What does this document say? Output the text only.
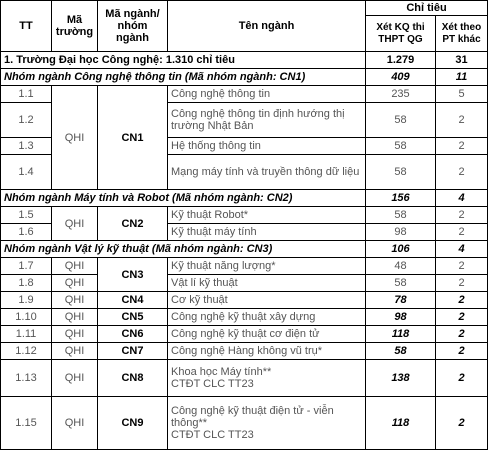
TT	Mã trường	Mã ngành/ nhóm ngành	Tên ngành	Chỉ tiêu	
				Xét KQ thi THPT QG	Xét theo PT khác
1. Trường Đại học Công nghệ: 1.310 chỉ tiêu				1.279	31
Nhóm ngành Công nghệ thông tin (Mã nhóm ngành: CN1)				409	11
1.1	QHI	CN1	Công nghệ thông tin	235	5
1.2			Công nghệ thông tin định hướng thị trường Nhật Bản	58	2
1.3			Hệ thống thông tin	58	2
1.4			Mạng máy tính và truyền thông dữ liệu	58	2
Nhóm ngành Máy tính và Robot (Mã nhóm ngành: CN2)				156	4
1.5	QHI	CN2	Kỹ thuật Robot*	58	2
1.6			Kỹ thuật máy tính	98	2
Nhóm ngành Vật lý kỹ thuật (Mã nhóm ngành: CN3)				106	4
1.7	QHI	CN3	Kỹ thuật năng lượng*	48	2
1.8	QHI		Vật lí kỹ thuật	58	2
1.9	QHI	CN4	Cơ kỹ thuật	78	2
1.10	QHI	CN5	Công nghệ kỹ thuật xây dựng	98	2
1.11	QHI	CN6	Công nghệ kỹ thuật cơ điện tử	118	2
1.12	QHI	CN7	Công nghệ Hàng không vũ trụ*	58	2
1.13	QHI	CN8	Khoa học Máy tính**
CTĐT CLC TT23	138	2
1.15	QHI	CN9	Công nghệ kỹ thuật điện tử - viễn thông**
CTĐT CLC TT23	118	2
